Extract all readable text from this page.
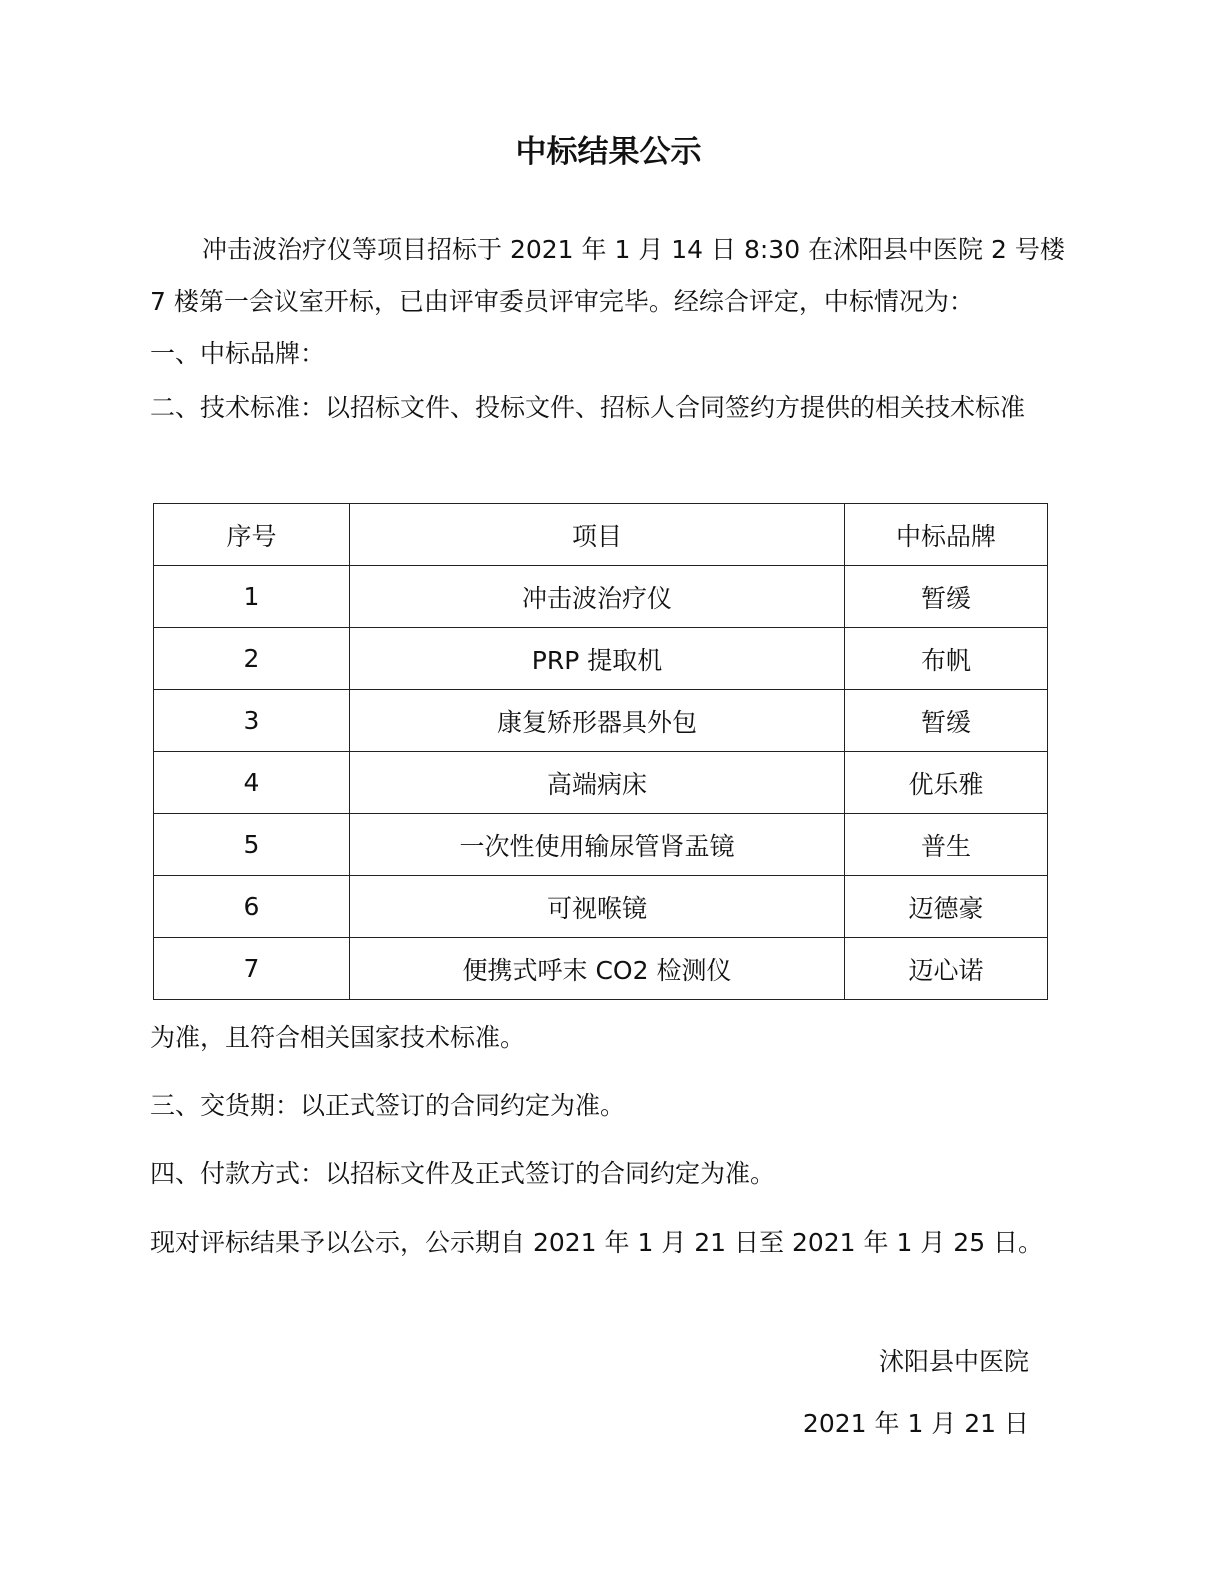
中标结果公示

冲击波治疗仪等项目招标于 2021 年 1 月 14 日 8:30 在沭阳县中医院 2 号楼 7 楼第一会议室开标，已由评审委员评审完毕。经综合评定，中标情况为：

一、中标品牌：
二、技术标准：以招标文件、投标文件、招标人合同签约方提供的相关技术标准
序号	项目	中标品牌
1	冲击波治疗仪	暂缓
2	PRP 提取机	布帆
3	康复矫形器具外包	暂缓
4	高端病床	优乐雅
5	一次性使用输尿管肾盂镜	普生
6	可视喉镜	迈德豪
7	便携式呼末 CO2 检测仪	迈心诺
为准，且符合相关国家技术标准。
三、交货期：以正式签订的合同约定为准。
四、付款方式：以招标文件及正式签订的合同约定为准。
现对评标结果予以公示，公示期自 2021 年 1 月 21 日至 2021 年 1 月 25 日。
沭阳县中医院
2021 年 1 月 21 日
